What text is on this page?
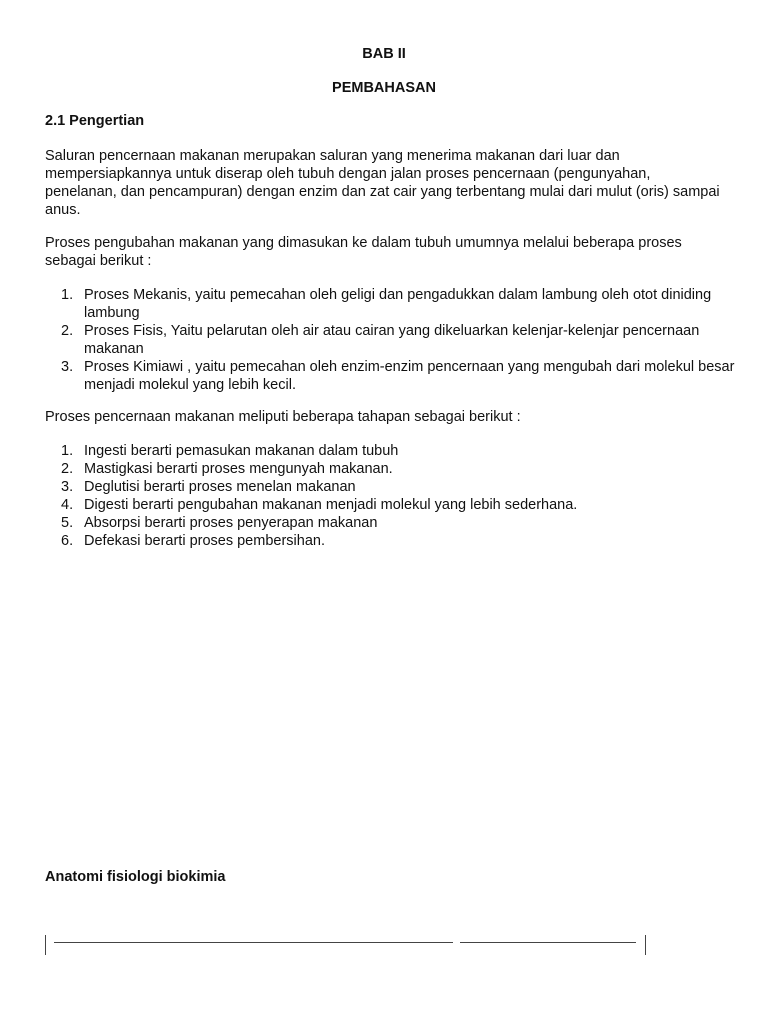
BAB II
PEMBAHASAN
2.1 Pengertian

Saluran pencernaan makanan merupakan saluran yang menerima makanan dari luar dan mempersiapkannya untuk diserap oleh tubuh dengan jalan proses pencernaan (pengunyahan, penelanan, dan pencampuran) dengan enzim dan zat cair yang terbentang mulai dari mulut (oris) sampai anus.

Proses pengubahan makanan yang dimasukan ke dalam tubuh umumnya melalui beberapa proses sebagai berikut :

1. Proses Mekanis, yaitu pemecahan oleh geligi dan pengadukkan dalam lambung oleh otot diniding lambung
2. Proses Fisis, Yaitu pelarutan oleh air atau cairan yang dikeluarkan kelenjar-kelenjar pencernaan makanan
3. Proses Kimiawi , yaitu pemecahan oleh enzim-enzim pencernaan yang mengubah dari molekul besar menjadi molekul yang lebih kecil.

Proses pencernaan makanan meliputi beberapa tahapan sebagai berikut :

1. Ingesti berarti pemasukan makanan dalam tubuh
2. Mastigkasi berarti proses mengunyah makanan.
3. Deglutisi berarti proses menelan makanan
4. Digesti berarti pengubahan makanan menjadi molekul yang lebih sederhana.
5. Absorpsi berarti proses penyerapan makanan
6. Defekasi berarti proses pembersihan.
Anatomi fisiologi biokimia
